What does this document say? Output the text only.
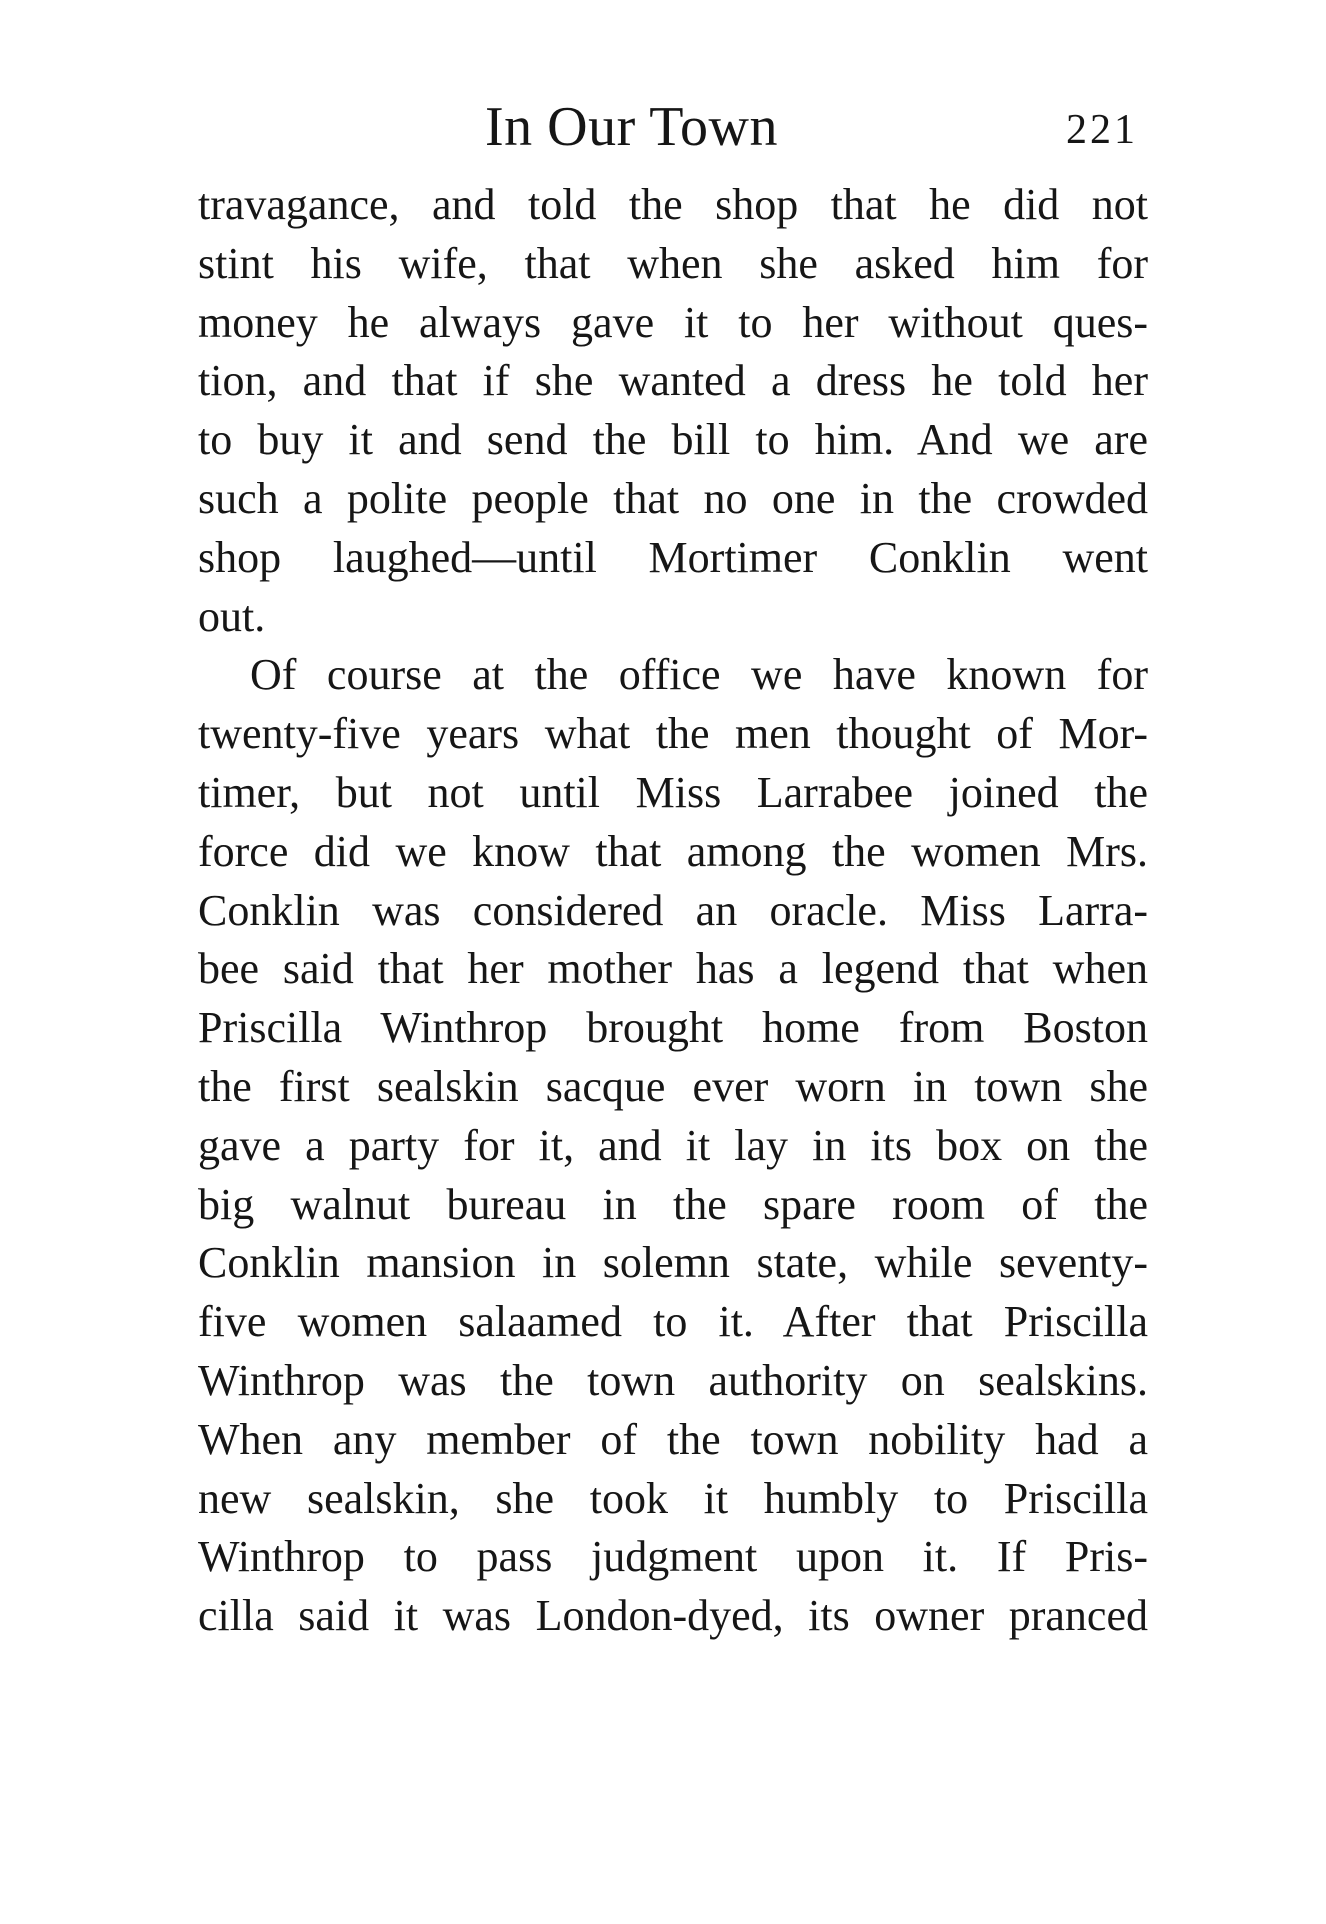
In Our Town	221
travagance, and told the shop that he did not
stint his wife, that when she asked him for
money he always gave it to her without ques-
tion, and that if she wanted a dress he told her
to buy it and send the bill to him. And we are
such a polite people that no one in the crowded
shop laughed—until Mortimer Conklin went
out.
Of course at the office we have known for
twenty-five years what the men thought of Mor-
timer, but not until Miss Larrabee joined the
force did we know that among the women Mrs.
Conklin was considered an oracle. Miss Larra-
bee said that her mother has a legend that when
Priscilla Winthrop brought home from Boston
the first sealskin sacque ever worn in town she
gave a party for it, and it lay in its box on the
big walnut bureau in the spare room of the
Conklin mansion in solemn state, while seventy-
five women salaamed to it. After that Priscilla
Winthrop was the town authority on sealskins.
When any member of the town nobility had a
new sealskin, she took it humbly to Priscilla
Winthrop to pass judgment upon it. If Pris-
cilla said it was London-dyed, its owner pranced
